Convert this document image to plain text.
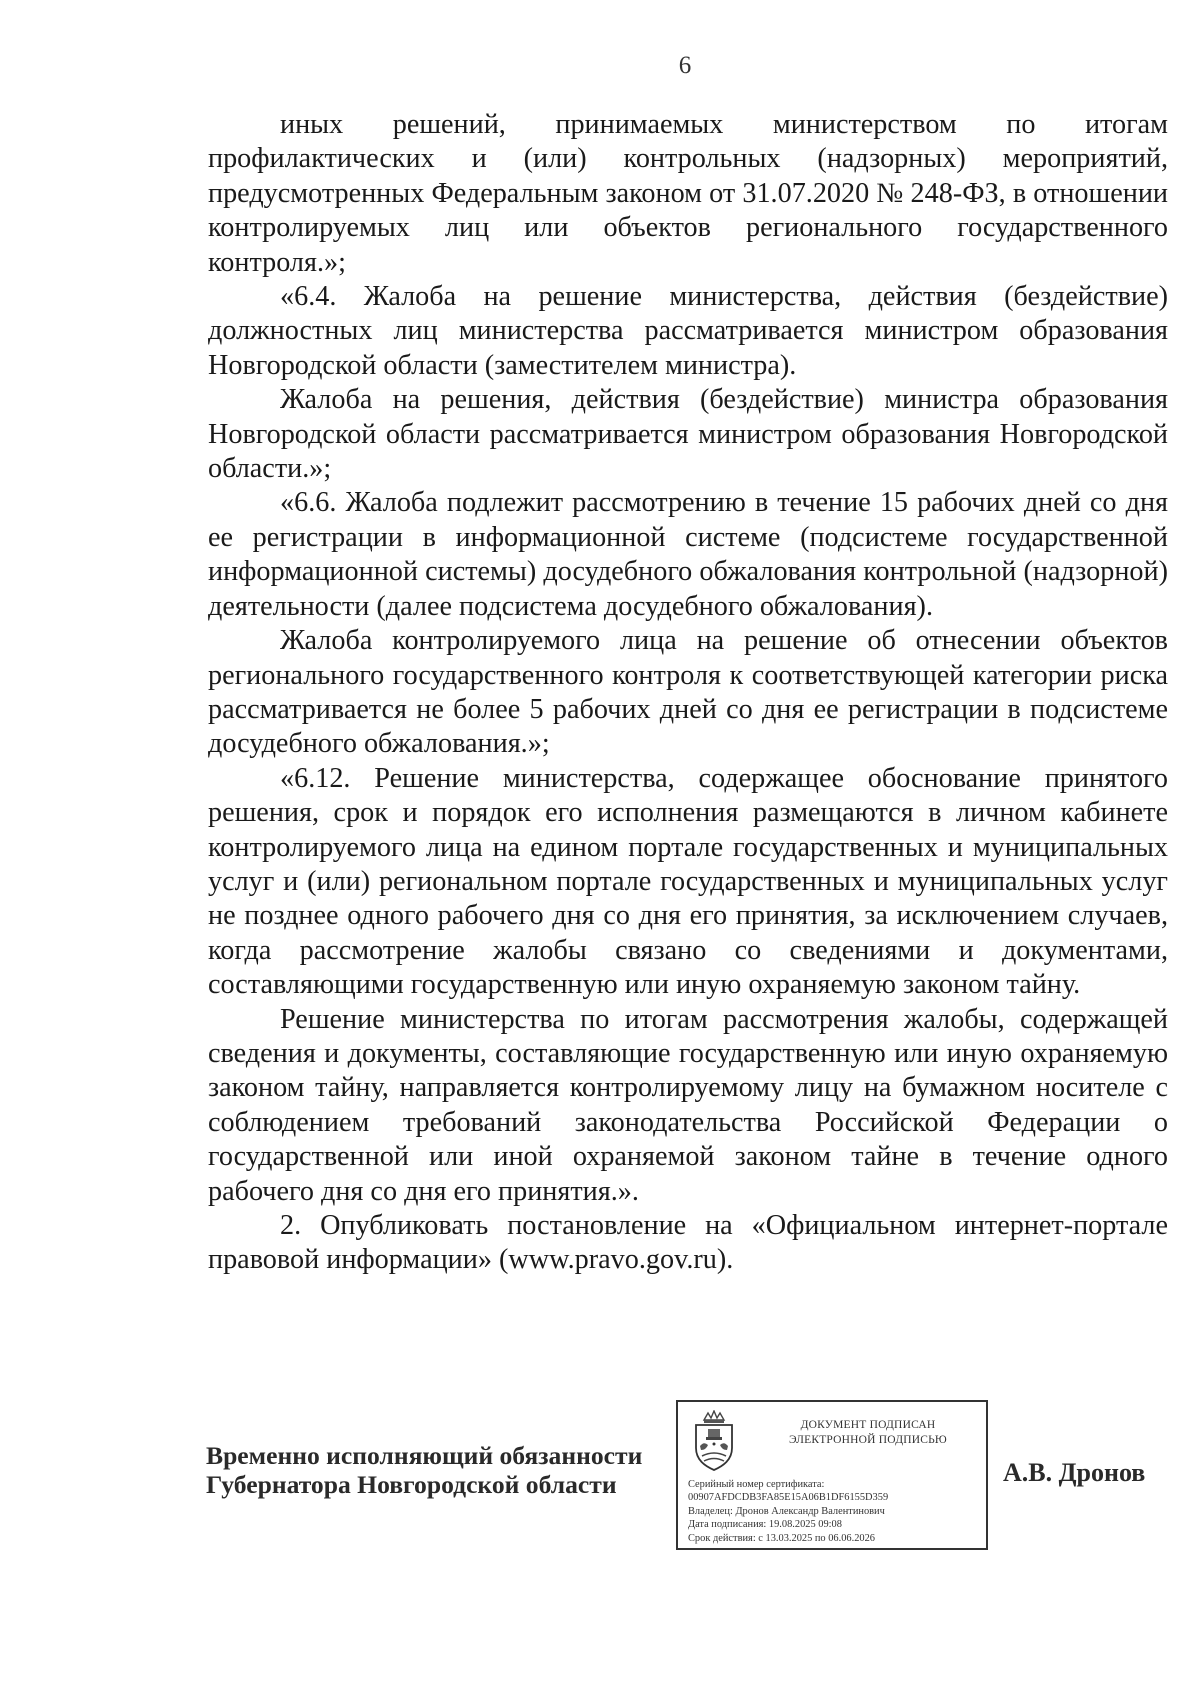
6

иных решений, принимаемых министерством по итогам профилактических и (или) контрольных (надзорных) мероприятий, предусмотренных Федеральным законом от 31.07.2020 № 248-ФЗ, в отношении контролируемых лиц или объектов регионального государственного контроля.»;

«6.4. Жалоба на решение министерства, действия (бездействие) должностных лиц министерства рассматривается министром образования Новгородской области (заместителем министра).

Жалоба на решения, действия (бездействие) министра образования Новгородской области рассматривается министром образования Новгородской области.»;

«6.6. Жалоба подлежит рассмотрению в течение 15 рабочих дней со дня ее регистрации в информационной системе (подсистеме государственной информационной системы) досудебного обжалования контрольной (надзорной) деятельности (далее подсистема досудебного обжалования).

Жалоба контролируемого лица на решение об отнесении объектов регионального государственного контроля к соответствующей категории риска рассматривается не более 5 рабочих дней со дня ее регистрации в подсистеме досудебного обжалования.»;

«6.12. Решение министерства, содержащее обоснование принятого решения, срок и порядок его исполнения размещаются в личном кабинете контролируемого лица на едином портале государственных и муниципальных услуг и (или) региональном портале государственных и муниципальных услуг не позднее одного рабочего дня со дня его принятия, за исключением случаев, когда рассмотрение жалобы связано со сведениями и документами, составляющими государственную или иную охраняемую законом тайну.

Решение министерства по итогам рассмотрения жалобы, содержащей сведения и документы, составляющие государственную или иную охраняемую законом тайну, направляется контролируемому лицу на бумажном носителе с соблюдением требований законодательства Российской Федерации о государственной или иной охраняемой законом тайне в течение одного рабочего дня со дня его принятия.».

2. Опубликовать постановление на «Официальном интернет-портале правовой информации» (www.pravo.gov.ru).

Временно исполняющий обязанности
Губернатора Новгородской области
ДОКУМЕНТ ПОДПИСАН
ЭЛЕКТРОННОЙ ПОДПИСЬЮ
Серийный номер сертификата:
00907AFDCDB3FA85E15A06B1DF6155D359
Владелец: Дронов Александр Валентинович
Дата подписания: 19.08.2025 09:08
Срок действия: с 13.03.2025 по 06.06.2026
А.В. Дронов
